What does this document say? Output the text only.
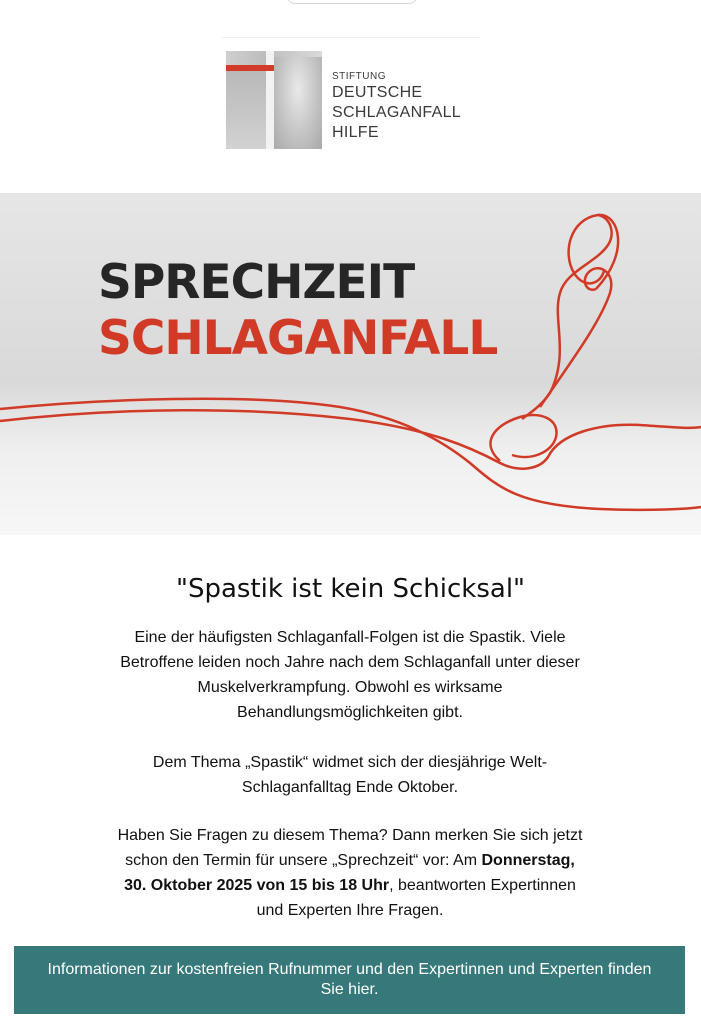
STIFTUNG
DEUTSCHE
SCHLAGANFALL
HILFE
SPRECHZEIT
SCHLAGANFALL
"Spastik ist kein Schicksal"
Eine der häufigsten Schlaganfall-Folgen ist die Spastik. Viele Betroffene leiden noch Jahre nach dem Schlaganfall unter dieser Muskelverkrampfung. Obwohl es wirksame Behandlungsmöglichkeiten gibt.
Dem Thema „Spastik“ widmet sich der diesjährige Welt-Schlaganfalltag Ende Oktober.
Haben Sie Fragen zu diesem Thema? Dann merken Sie sich jetzt schon den Termin für unsere „Sprechzeit“ vor: Am Donnerstag, 30. Oktober 2025 von 15 bis 18 Uhr, beantworten Expertinnen und Experten Ihre Fragen.
Informationen zur kostenfreien Rufnummer und den Expertinnen und Experten finden Sie hier.
